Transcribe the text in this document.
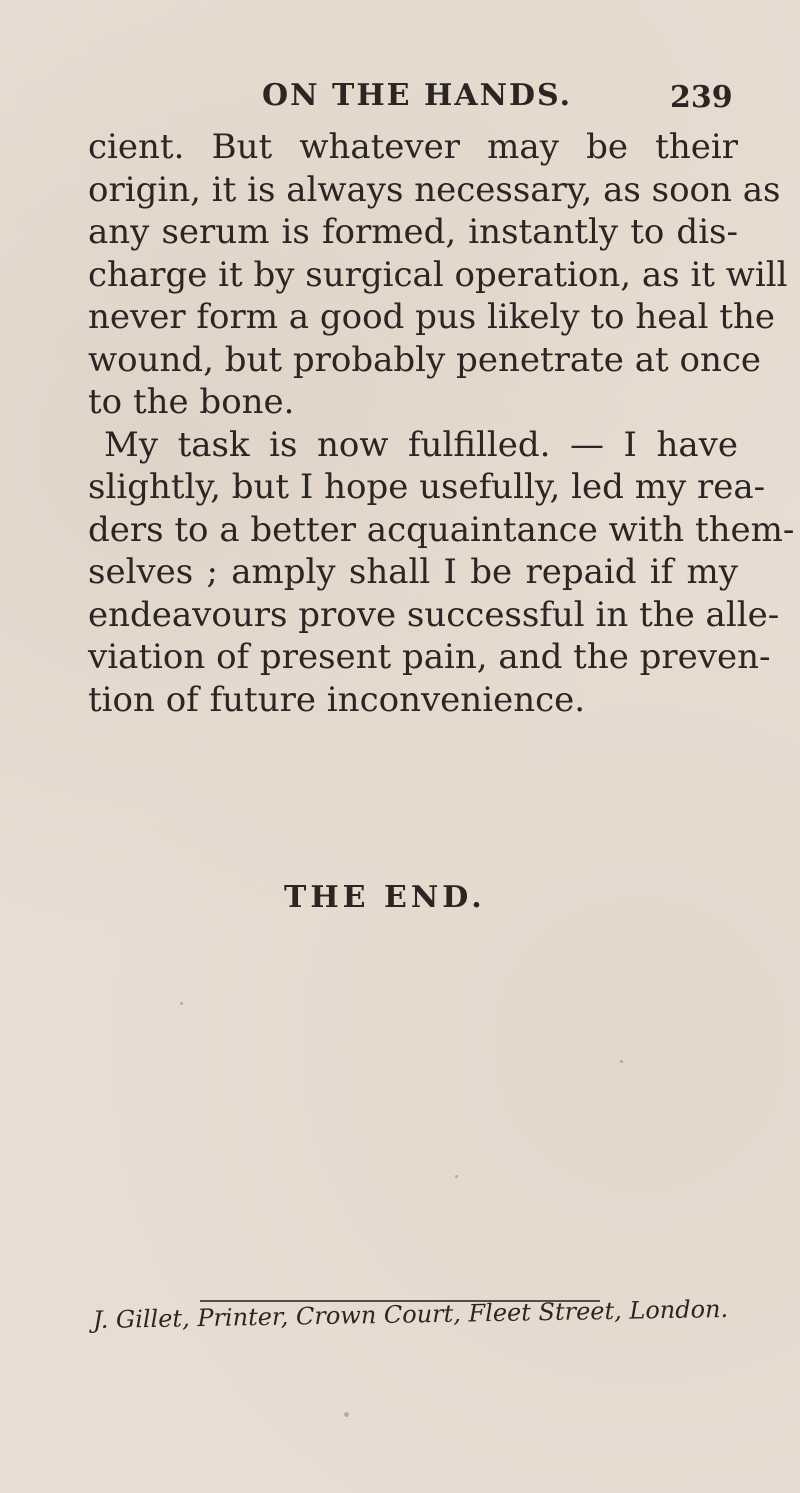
ON THE HANDS.	239
cient. But whatever may be their
origin, it is always necessary, as soon as
any serum is formed, instantly to dis-
charge it by surgical operation, as it will
never form a good pus likely to heal the
wound, but probably penetrate at once
to the bone.
My task is now fulfilled. — I have
slightly, but I hope usefully, led my rea-
ders to a better acquaintance with them-
selves ; amply shall I be repaid if my
endeavours prove successful in the alle-
viation of present pain, and the preven-
tion of future inconvenience.
THE END.
J. Gillet, Printer, Crown Court, Fleet Street, London.
